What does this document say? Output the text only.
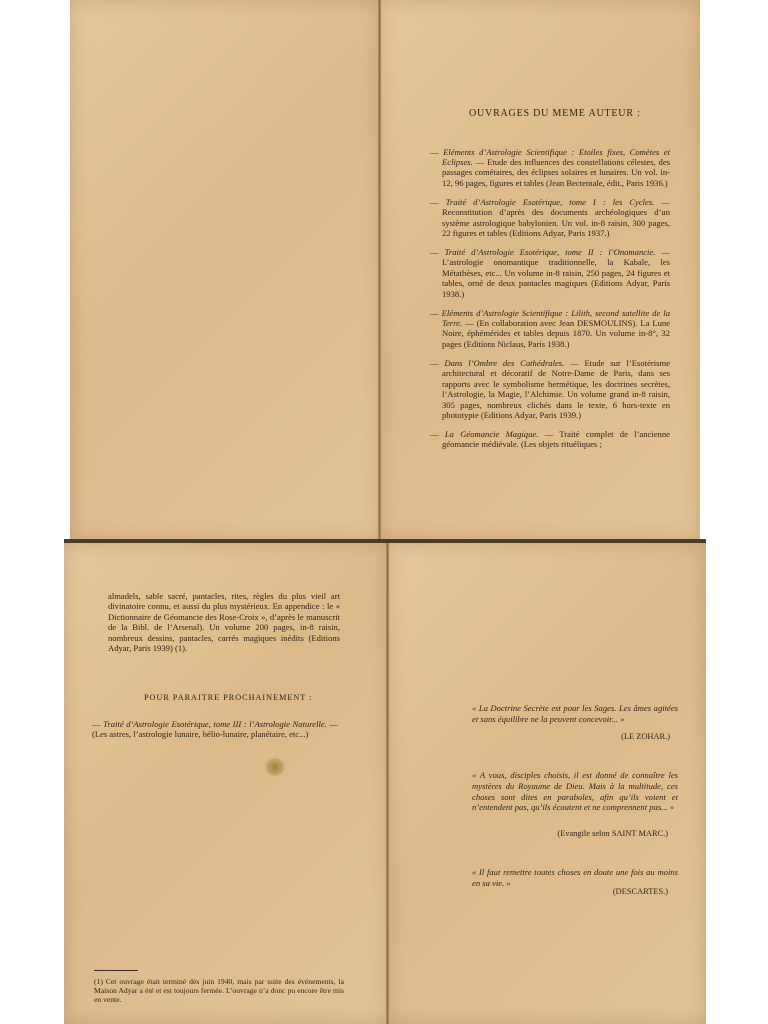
OUVRAGES DU MEME AUTEUR :

— Eléments d’Astrologie Scientifique : Etoiles fixes, Comètes et Eclipses. — Etude des influences des constellations célestes, des passages cométaires, des éclipses solaires et lunaires. Un vol. in-12, 96 pages, figures et tables (Jean Bectemale, édit., Paris 1936.)

— Traité d’Astrologie Esotérique, tome I : les Cycles. —Reconstitution d’après des documents archéologiques d’un système astrologique babylonien. Un vol. in-8 raisin, 300 pages, 22 figures et tables (Editions Adyar, Paris 1937.)

— Traité d’Astrologie Esotérique, tome II : l’Onomancie. — L’astrologie onomantique traditionnelle, la Kabale, les Métathèses, etc... Un volume in-8 raisin, 250 pages, 24 figures et tables, orné de deux pantacles magiques (Editions Adyar, Paris 1938.)

— Eléments d’Astrologie Scientifique : Lilith, second satellite de la Terre. — (En collaboration avec Jean DESMOULINS). La Lune Noire, éphémérides et tables depuis 1870. Un volume in-8°, 32 pages (Editions Niclaus, Paris 1938.)

— Dans l’Ombre des Cathédrales. — Etude sur l’Esotérisme architectural et décoratif de Notre-Dame de Paris, dans ses rapports avec le symbolisme hermétique, les doctrines secrètes, l’Astrologie, la Magie, l’Alchimie. Un volume grand in-8 raisin, 305 pages, nombreux clichés dans le texte, 6 hors-texte en phototypie (Editions Adyar, Paris 1939.)

— La Géomancie Magique. — Traité complet de l’ancienne géomancie médiévale. (Les objets rituéliques ;

almadels, sable sacré, pantacles, rites, règles du plus vieil art divinatoire connu, et aussi du plus mystérieux. En appendice : le « Dictionnaire de Géomancie des Rose-Croix », d’après le manuscrit de la Bibl. de l’Arsenal). Un volume 200 pages, in-8 raisin, nombreux dessins, pantacles, carrés magiques inédits (Editions Adyar, Paris 1939) (1).
POUR PARAITRE PROCHAINEMENT :
— Traité d’Astrologie Esotérique, tome III : l’Astrologie Naturelle. —(Les astres, l’astrologie lunaire, hélio-lunaire, planétaire, etc...)
(1) Cet ouvrage était terminé dès juin 1940, mais par suite des événements, la Maison Adyar a été et est toujours fermée. L’ouvrage n’a donc pu encore être mis en vente.
« La Doctrine Secrète est pour les Sages. Les âmes agitées et sans équilibre ne la peuvent concevoir... »
(LE ZOHAR.)
« A vous, disciples choisis, il est donné de connaître les mystères du Royaume de Dieu. Mais à la multitude, ces choses sont dites en paraboles, afin qu’ils voient et n’entendent pas, qu’ils écoutent et ne comprennent pas... »
(Evangile selon SAINT MARC.)
« Il faut remettre toutes choses en doute une fois au moins en sa vie. »
(DESCARTES.)
